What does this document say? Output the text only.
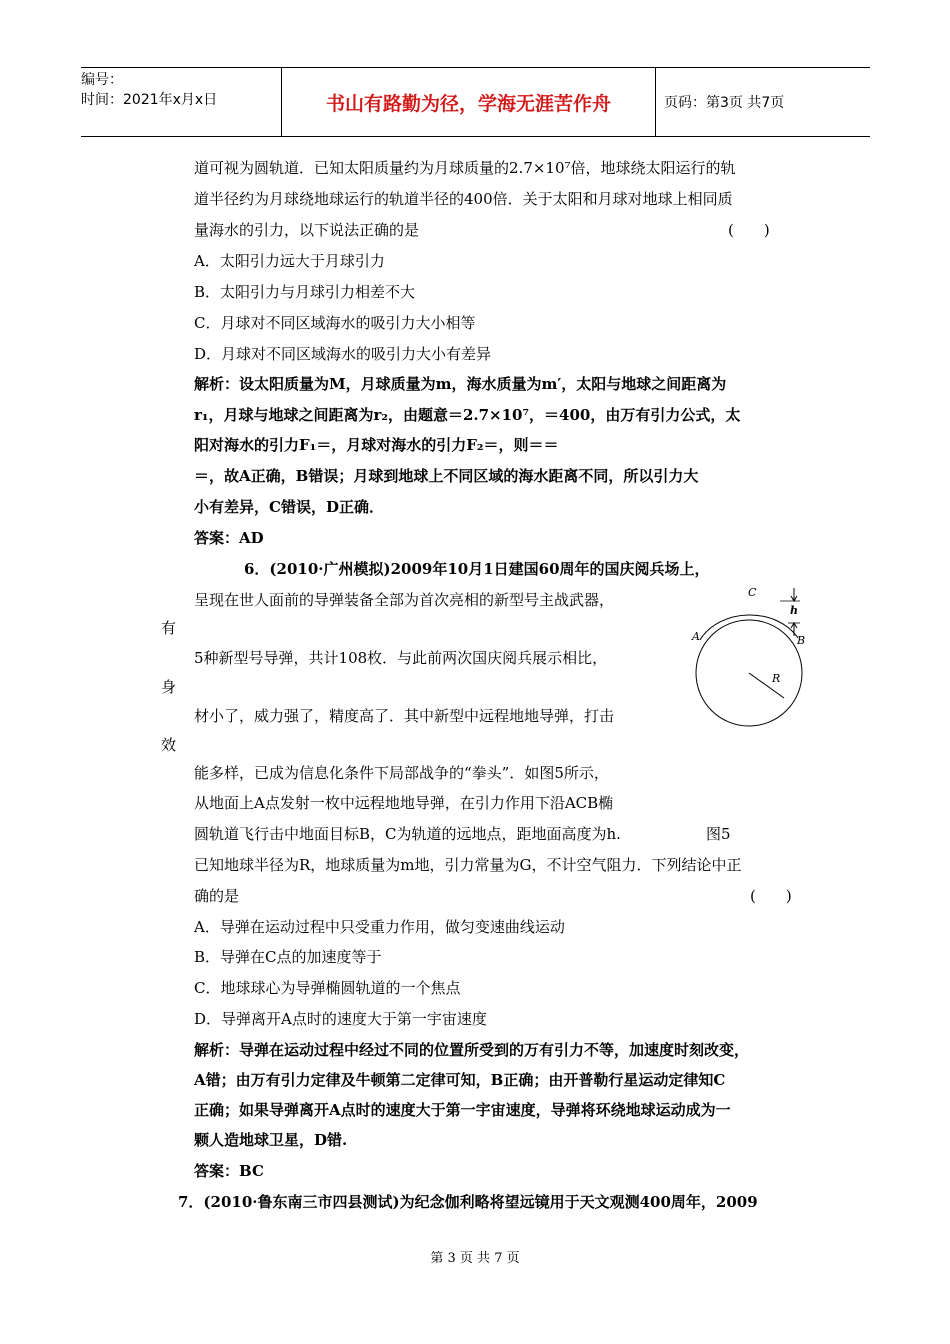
编号：
时间：2021年x月x日	书山有路勤为径，学海无涯苦作舟	页码：第3页 共7页
道可视为圆轨道．已知太阳质量约为月球质量的2.7×10⁷倍，地球绕太阳运行的轨
道半径约为月球绕地球运行的轨道半径的400倍．关于太阳和月球对地球上相同质
量海水的引力，以下说法正确的是	(　　)
A．太阳引力远大于月球引力
B．太阳引力与月球引力相差不大
C．月球对不同区域海水的吸引力大小相等
D．月球对不同区域海水的吸引力大小有差异
解析：设太阳质量为M，月球质量为m，海水质量为m′，太阳与地球之间距离为
r₁，月球与地球之间距离为r₂，由题意＝2.7×10⁷，＝400，由万有引力公式，太
阳对海水的引力F₁＝，月球对海水的引力F₂＝，则＝＝
＝，故A正确，B错误；月球到地球上不同区域的海水距离不同，所以引力大
小有差异，C错误，D正确．
答案：AD
6．(2010·广州模拟)2009年10月1日建国60周年的国庆阅兵场上，
呈现在世人面前的导弹装备全部为首次亮相的新型号主战武器，
有
5种新型号导弹，共计108枚．与此前两次国庆阅兵展示相比，
身
材小了，威力强了，精度高了．其中新型中远程地地导弹，打击
效
能多样，已成为信息化条件下局部战争的“拳头”．如图5所示，
从地面上A点发射一枚中远程地地导弹，在引力作用下沿ACB椭
圆轨道飞行击中地面目标B，C为轨道的远地点，距地面高度为h.	图5
已知地球半径为R，地球质量为m地，引力常量为G，不计空气阻力．下列结论中正
确的是	(　　)
A．导弹在运动过程中只受重力作用，做匀变速曲线运动
B．导弹在C点的加速度等于
C．地球球心为导弹椭圆轨道的一个焦点
D．导弹离开A点时的速度大于第一宇宙速度
解析：导弹在运动过程中经过不同的位置所受到的万有引力不等，加速度时刻改变，
A错；由万有引力定律及牛顿第二定律可知，B正确；由开普勒行星运动定律知C
正确；如果导弹离开A点时的速度大于第一宇宙速度，导弹将环绕地球运动成为一
颗人造地球卫星，D错.
答案：BC
7．(2010·鲁东南三市四县测试)为纪念伽利略将望远镜用于天文观测400周年，2009
C
h
A	B
R
第 3 页 共 7 页
